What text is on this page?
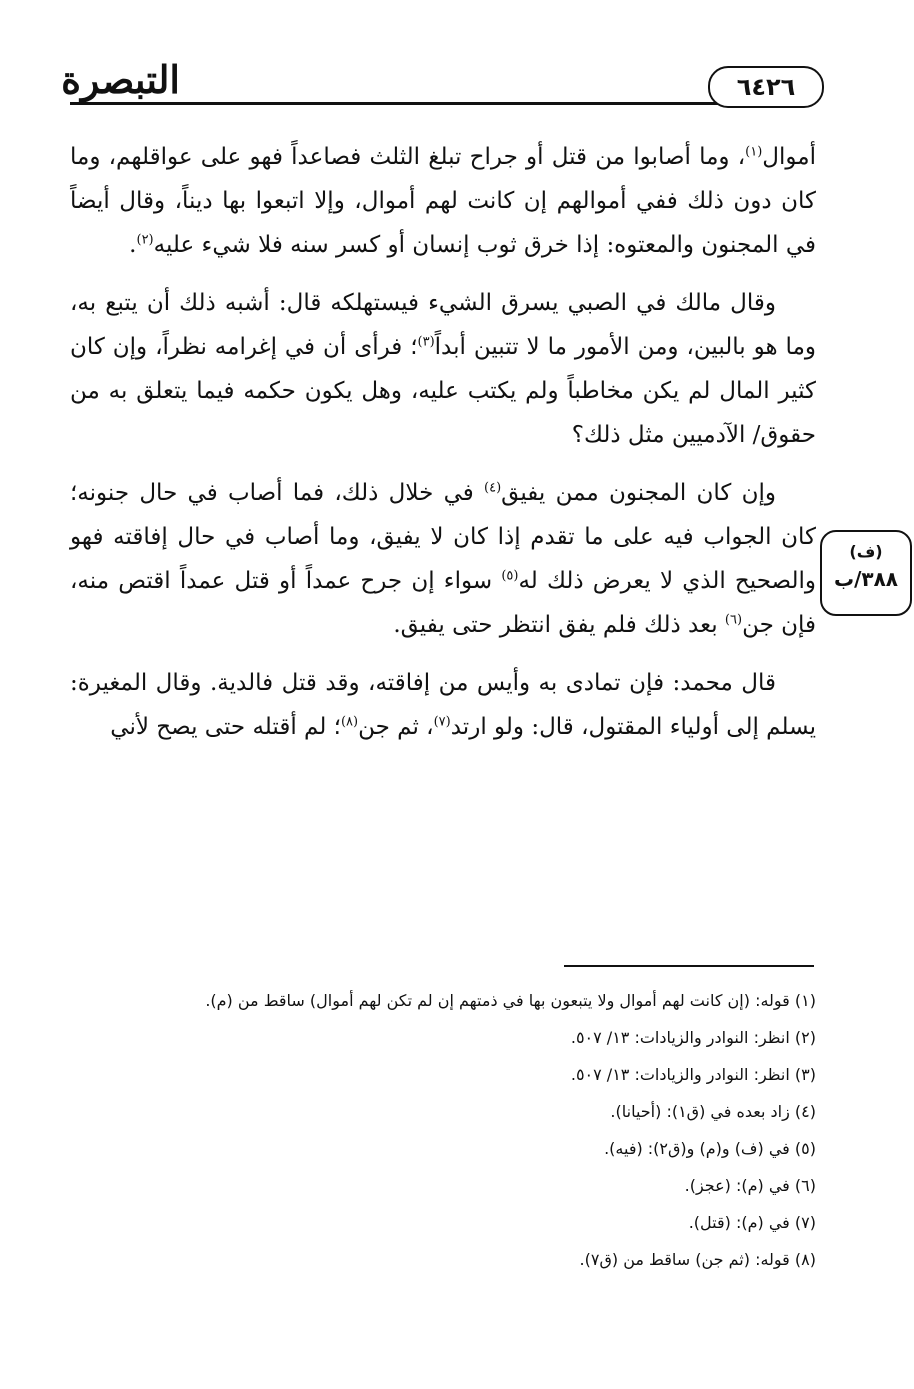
التبصرة	٦٤٢٦
(ف)
٣٨٨/ب

أموال$^{(١)}$، وما أصابوا من قتل أو جراح تبلغ الثلث فصاعداً فهو على عواقلهم، وما كان دون ذلك ففي أموالهم إن كانت لهم أموال، وإلا اتبعوا بها ديناً، وقال أيضاً في المجنون والمعتوه: إذا خرق ثوب إنسان أو كسر سنه فلا شيء عليه$^{(٢)}$.

وقال مالك في الصبي يسرق الشيء فيستهلكه قال: أشبه ذلك أن يتبع به، وما هو بالبين، ومن الأمور ما لا تتبين أبداً$^{(٣)}$؛ فرأى أن في إغرامه نظراً، وإن كان كثير المال لم يكن مخاطباً ولم يكتب عليه، وهل يكون حكمه فيما يتعلق به من حقوق/ الآدميين مثل ذلك؟

وإن كان المجنون ممن يفيق$^{(٤)}$ في خلال ذلك، فما أصاب في حال جنونه؛ كان الجواب فيه على ما تقدم إذا كان لا يفيق، وما أصاب في حال إفاقته فهو والصحيح الذي لا يعرض ذلك له$^{(٥)}$ سواء إن جرح عمداً أو قتل عمداً اقتص منه، فإن جن$^{(٦)}$ بعد ذلك فلم يفق انتظر حتى يفيق.

قال محمد: فإن تمادى به وأيس من إفاقته، وقد قتل فالدية. وقال المغيرة: يسلم إلى أولياء المقتول، قال: ولو ارتد$^{(٧)}$، ثم جن$^{(٨)}$؛ لم أقتله حتى يصح لأني

(١) قوله: (إن كانت لهم أموال ولا يتبعون بها في ذمتهم إن لم تكن لهم أموال) ساقط من (م).
(٢) انظر: النوادر والزيادات: ١٣/ ٥٠٧.
(٣) انظر: النوادر والزيادات: ١٣/ ٥٠٧.
(٤) زاد بعده في (ق١): (أحيانا).
(٥) في (ف) و(م) و(ق٢): (فيه).
(٦) في (م): (عجز).
(٧) في (م): (قتل).
(٨) قوله: (ثم جن) ساقط من (ق٧).
